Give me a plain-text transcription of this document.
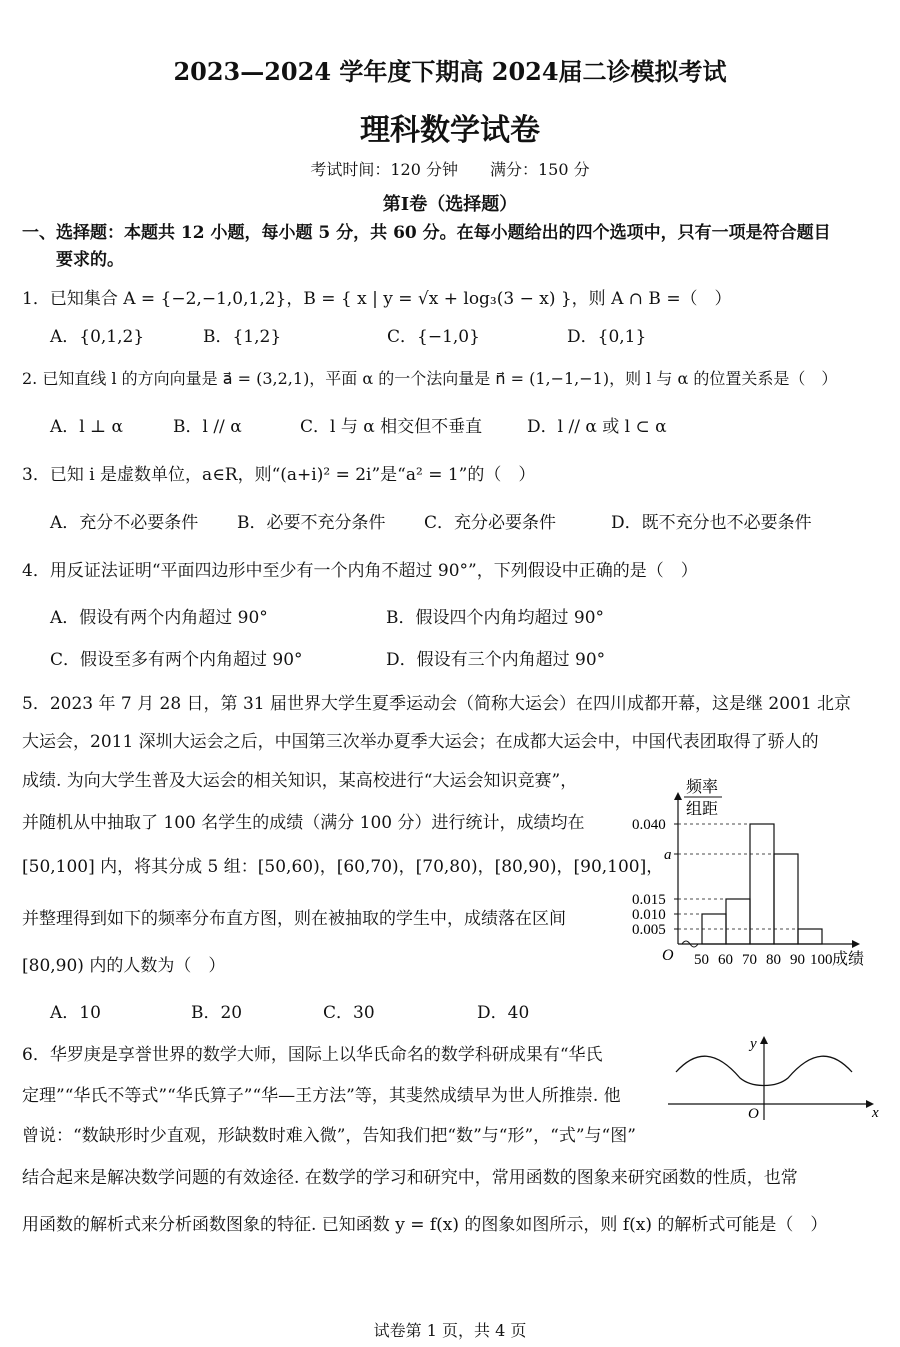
2023—2024 学年度下期高 2024届二诊模拟考试
理科数学试卷
考试时间：120 分钟　　满分：150 分
第Ⅰ卷（选择题）
一、选择题：本题共 12 小题，每小题 5 分，共 60 分。在每小题给出的四个选项中，只有一项是符合题目
要求的。
1．已知集合 A = {−2,−1,0,1,2}，B = { x | y = √x + log₃(3 − x) }，则 A ∩ B =（　）
A．{0,1,2}	B．{1,2}	C．{−1,0}	D．{0,1}
2. 已知直线 l 的方向向量是 a⃗ = (3,2,1)，平面 α 的一个法向量是 n⃗ = (1,−1,−1)，则 l 与 α 的位置关系是（　）
A．l ⊥ α	B．l // α	C．l 与 α 相交但不垂直	D．l // α 或 l ⊂ α
3．已知 i 是虚数单位，a∈R，则“(a+i)² = 2i”是“a² = 1”的（　）
A．充分不必要条件 B．必要不充分条件 C．充分必要条件	D．既不充分也不必要条件
4．用反证法证明“平面四边形中至少有一个内角不超过 90°”，下列假设中正确的是（　）
A．假设有两个内角超过 90°	B．假设四个内角均超过 90°
C．假设至多有两个内角超过 90°	D．假设有三个内角超过 90°
5．2023 年 7 月 28 日，第 31 届世界大学生夏季运动会（简称大运会）在四川成都开幕，这是继 2001 北京
大运会，2011 深圳大运会之后，中国第三次举办夏季大运会；在成都大运会中，中国代表团取得了骄人的
成绩. 为向大学生普及大运会的相关知识，某高校进行“大运会知识竞赛”，
并随机从中抽取了 100 名学生的成绩（满分 100 分）进行统计，成绩均在
[50,100] 内，将其分成 5 组：[50,60)，[60,70)，[70,80)，[80,90)，[90,100]，
并整理得到如下的频率分布直方图，则在被抽取的学生中，成绩落在区间
[80,90) 内的人数为（　）
A．10	B．20	C．30	D．40
0.040
a
0.015
0.010
0.005
50 60 70 80 90 100 成绩
O
频率
组距
6．华罗庚是享誉世界的数学大师，国际上以华氏命名的数学科研成果有“华氏
定理”“华氏不等式”“华氏算子”“华—王方法”等，其斐然成绩早为世人所推崇. 他
曾说：“数缺形时少直观，形缺数时难入微”，告知我们把“数”与“形”，“式”与“图”
结合起来是解决数学问题的有效途径. 在数学的学习和研究中，常用函数的图象来研究函数的性质，也常
用函数的解析式来分析函数图象的特征. 已知函数 y = f(x) 的图象如图所示，则 f(x) 的解析式可能是（　）
x
y
O
试卷第 1 页，共 4 页
